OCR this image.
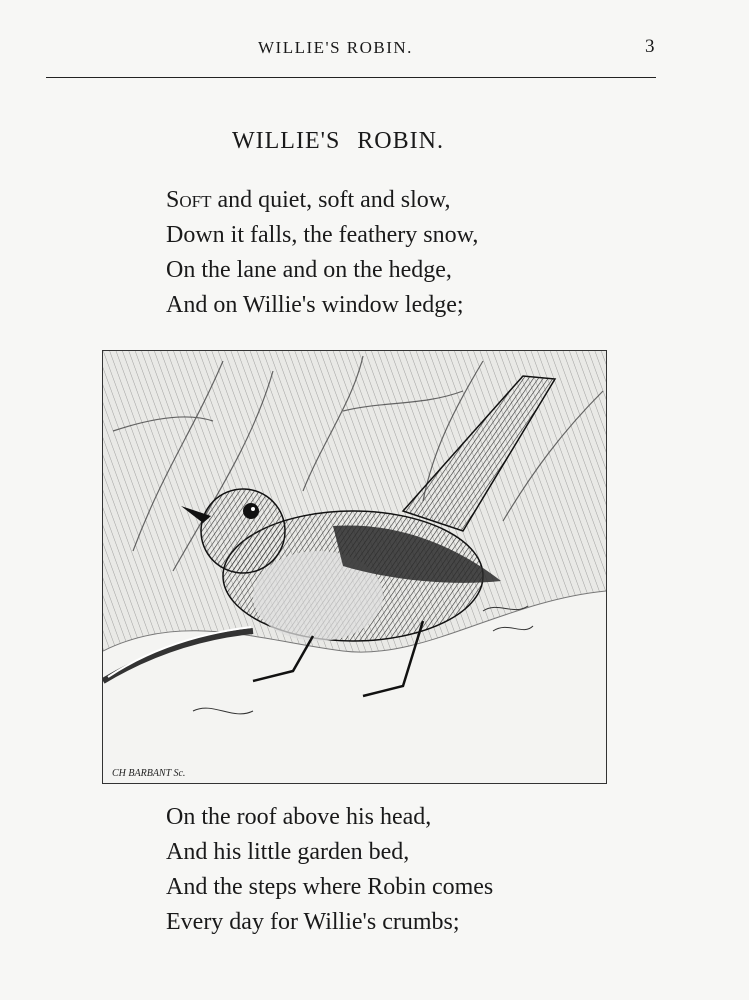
WILLIE'S ROBIN.	3
WILLIE'S ROBIN.
Soft and quiet, soft and slow,
Down it falls, the feathery snow,
On the lane and on the hedge,
And on Willie's window ledge;
CH BARBANT Sc.
On the roof above his head,
And his little garden bed,
And the steps where Robin comes
Every day for Willie's crumbs;
